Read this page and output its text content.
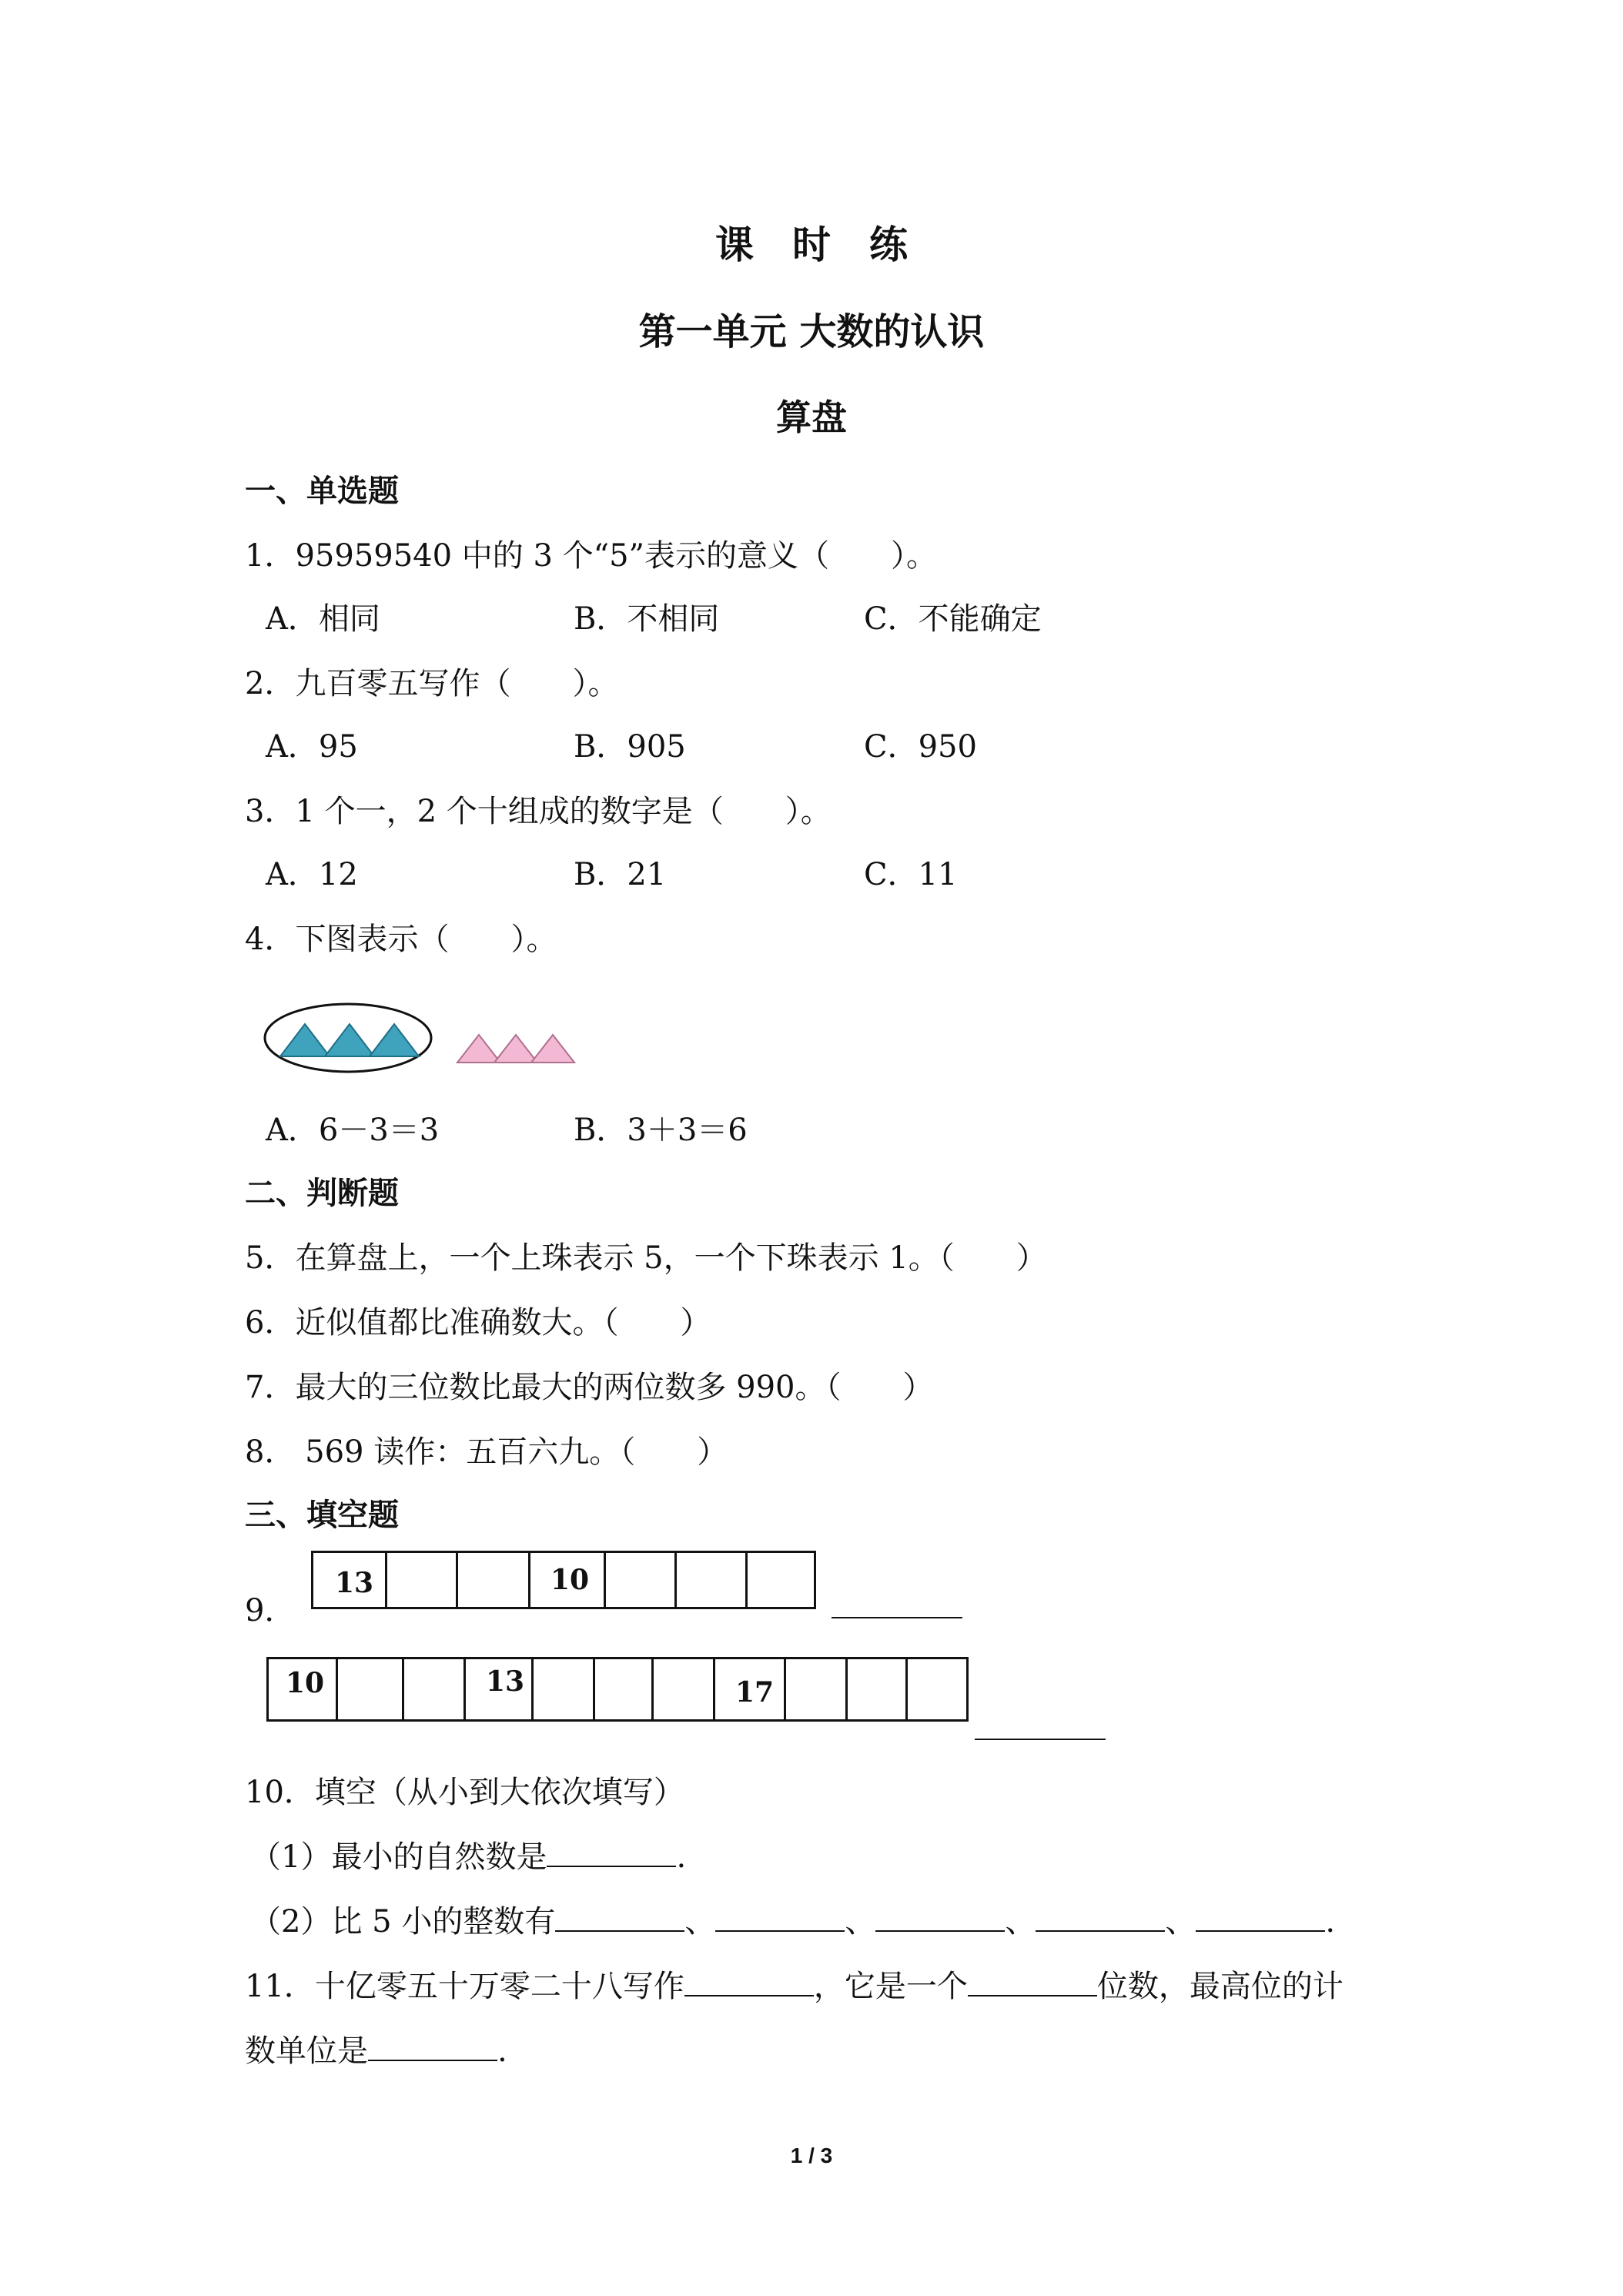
课　时　练
第一单元 大数的认识
算盘
一、单选题
1．95959540 中的 3 个“5”表示的意义（　　）。
A．相同	B．不相同	C．不能确定
2．九百零五写作（　　）。
A．95	B．905	C．950
3．1 个一，2 个十组成的数字是（　　）。
A．12	B．21	C．11
4．下图表示（　　）。
A．6－3＝3	B．3＋3＝6
二、判断题
5．在算盘上，一个上珠表示 5，一个下珠表示 1。（　　）
6．近似值都比准确数大。（　　）
7．最大的三位数比最大的两位数多 990。（　　）
8． 569 读作：五百六九。（　　）
三、填空题
9．
13	10
10	13	17
10．填空（从小到大依次填写）
（1）最小的自然数是	.
（2）比 5 小的整数有	、	、	、	、	.
11．十亿零五十万零二十八写作	，它是一个	位数，最高位的计
数单位是	.
1 / 3
